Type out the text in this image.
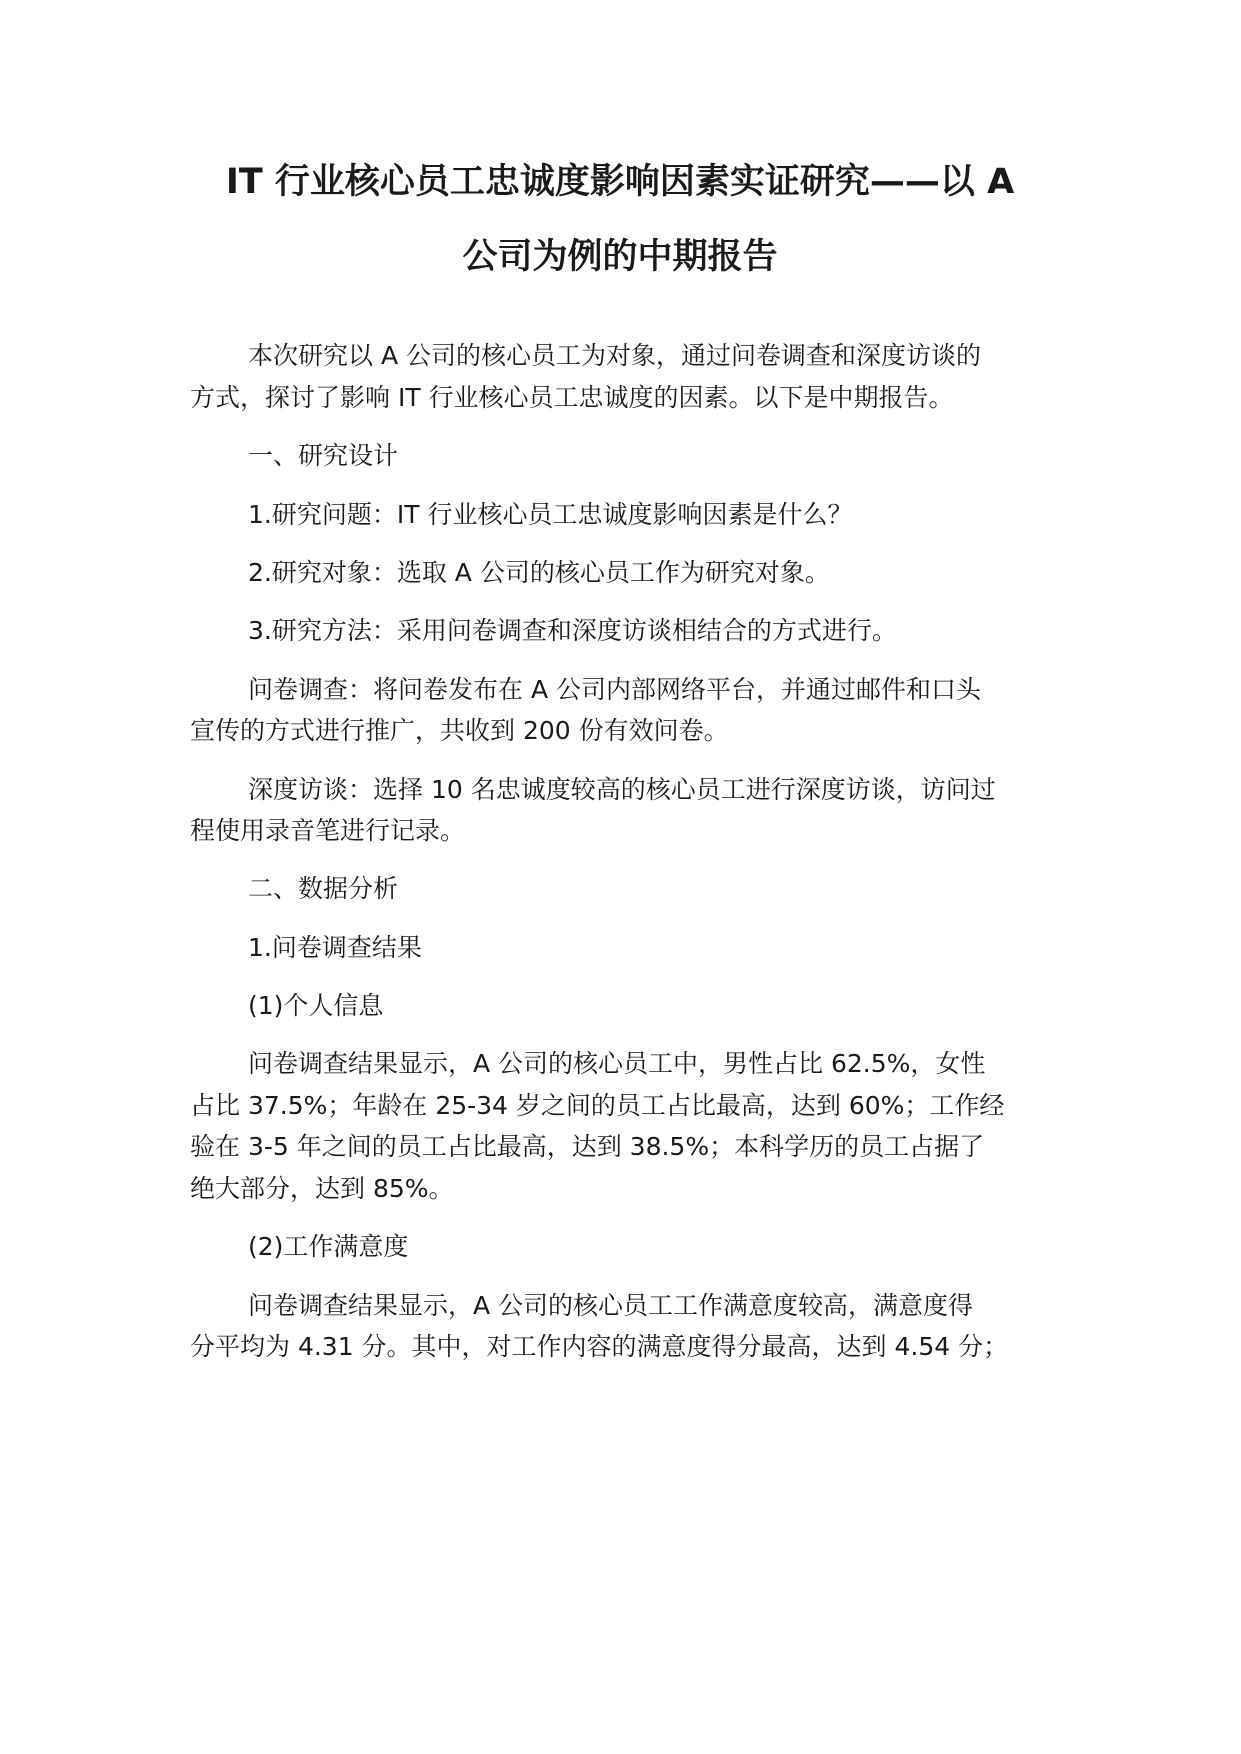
IT 行业核心员工忠诚度影响因素实证研究——以 A
公司为例的中期报告
本次研究以 A 公司的核心员工为对象，通过问卷调查和深度访谈的
方式，探讨了影响 IT 行业核心员工忠诚度的因素。以下是中期报告。
一、研究设计
1.研究问题：IT 行业核心员工忠诚度影响因素是什么？
2.研究对象：选取 A 公司的核心员工作为研究对象。
3.研究方法：采用问卷调查和深度访谈相结合的方式进行。
问卷调查：将问卷发布在 A 公司内部网络平台，并通过邮件和口头
宣传的方式进行推广，共收到 200 份有效问卷。
深度访谈：选择 10 名忠诚度较高的核心员工进行深度访谈，访问过
程使用录音笔进行记录。
二、数据分析
1.问卷调查结果
(1)个人信息
问卷调查结果显示，A 公司的核心员工中，男性占比 62.5%，女性
占比 37.5%；年龄在 25-34 岁之间的员工占比最高，达到 60%；工作经
验在 3-5 年之间的员工占比最高，达到 38.5%；本科学历的员工占据了
绝大部分，达到 85%。
(2)工作满意度
问卷调查结果显示，A 公司的核心员工工作满意度较高，满意度得
分平均为 4.31 分。其中，对工作内容的满意度得分最高，达到 4.54 分；
